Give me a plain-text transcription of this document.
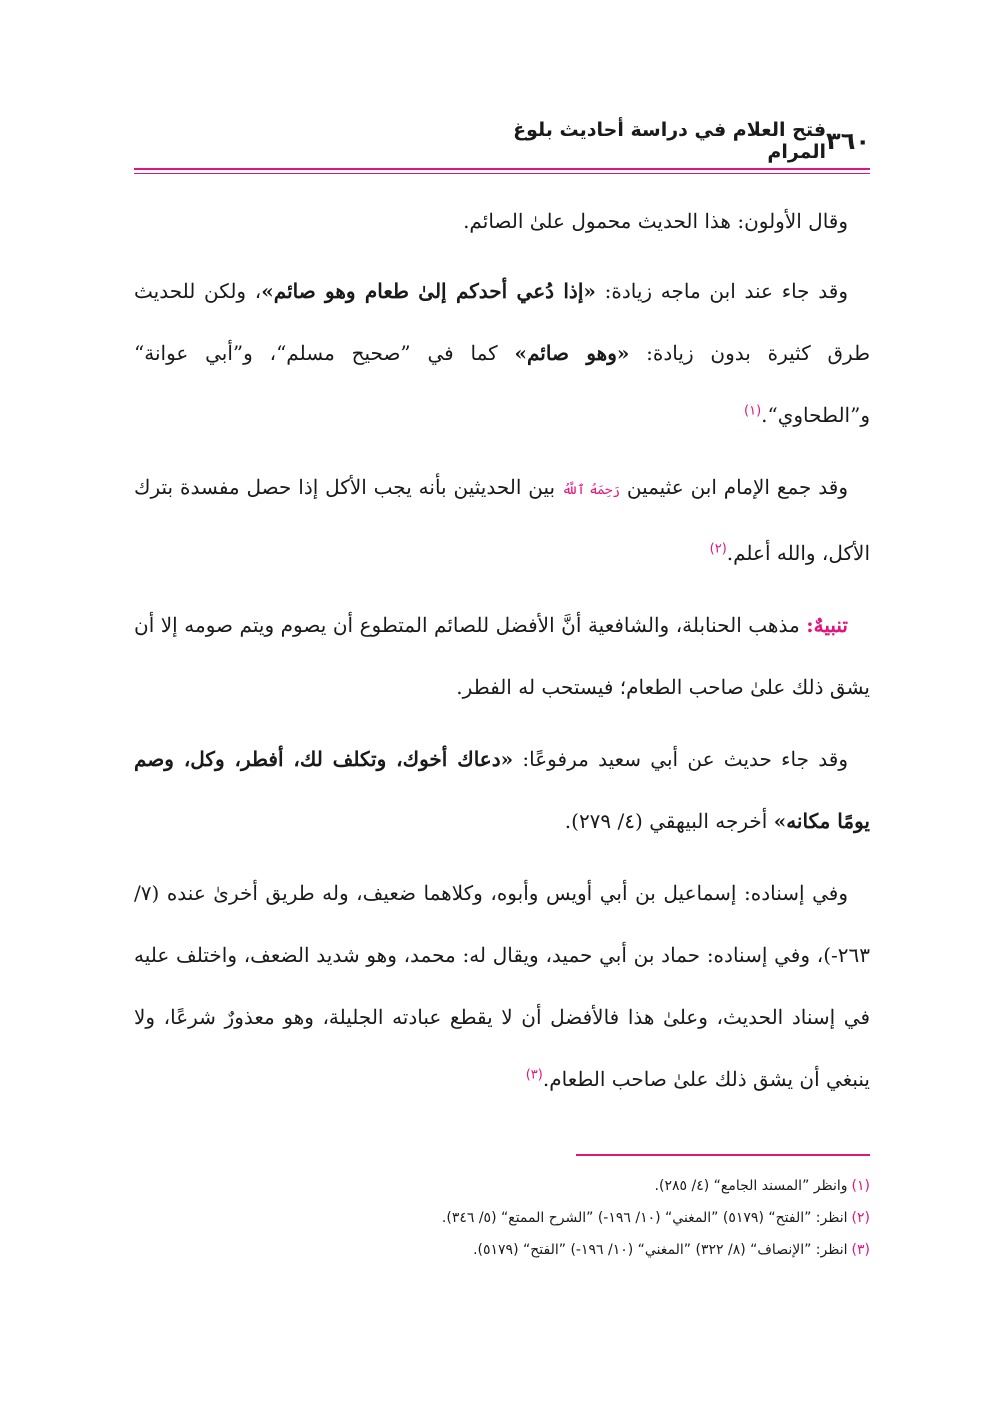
٣٦٠
فتح العلام في دراسة أحاديث بلوغ المرام

وقال الأولون: هذا الحديث محمول علىٰ الصائم.

وقد جاء عند ابن ماجه زيادة: «إذا دُعي أحدكم إلىٰ طعام وهو صائم»، ولكن للحديث طرق كثيرة بدون زيادة: «وهو صائم» كما في ”صحيح مسلم“، و”أبي عوانة“ و”الطحاوي“.$^{(١)}$

وقد جمع الإمام ابن عثيمين رَحِمَهُ ٱللَّهُ بين الحديثين بأنه يجب الأكل إذا حصل مفسدة بترك الأكل، والله أعلم.$^{(٢)}$

تنبيهٌ: مذهب الحنابلة، والشافعية أنَّ الأفضل للصائم المتطوع أن يصوم ويتم صومه إلا أن يشق ذلك علىٰ صاحب الطعام؛ فيستحب له الفطر.

وقد جاء حديث عن أبي سعيد مرفوعًا: «دعاك أخوك، وتكلف لك، أفطر، وكل، وصم يومًا مكانه» أخرجه البيهقي (٤/ ٢٧٩).

وفي إسناده: إسماعيل بن أبي أويس وأبوه، وكلاهما ضعيف، وله طريق أخرىٰ عنده (٧/ ٢٦٣-)، وفي إسناده: حماد بن أبي حميد، ويقال له: محمد، وهو شديد الضعف، واختلف عليه في إسناد الحديث، وعلىٰ هذا فالأفضل أن لا يقطع عبادته الجليلة، وهو معذورٌ شرعًا، ولا ينبغي أن يشق ذلك علىٰ صاحب الطعام.$^{(٣)}$

(١)وانظر ”المسند الجامع“ (٤/ ٢٨٥).

(٢)انظر: ”الفتح“ (٥١٧٩) ”المغني“ (١٠/ ١٩٦-) ”الشرح الممتع“ (٥/ ٣٤٦).

(٣)انظر: ”الإنصاف“ (٨/ ٣٢٢) ”المغني“ (١٠/ ١٩٦-) ”الفتح“ (٥١٧٩).
